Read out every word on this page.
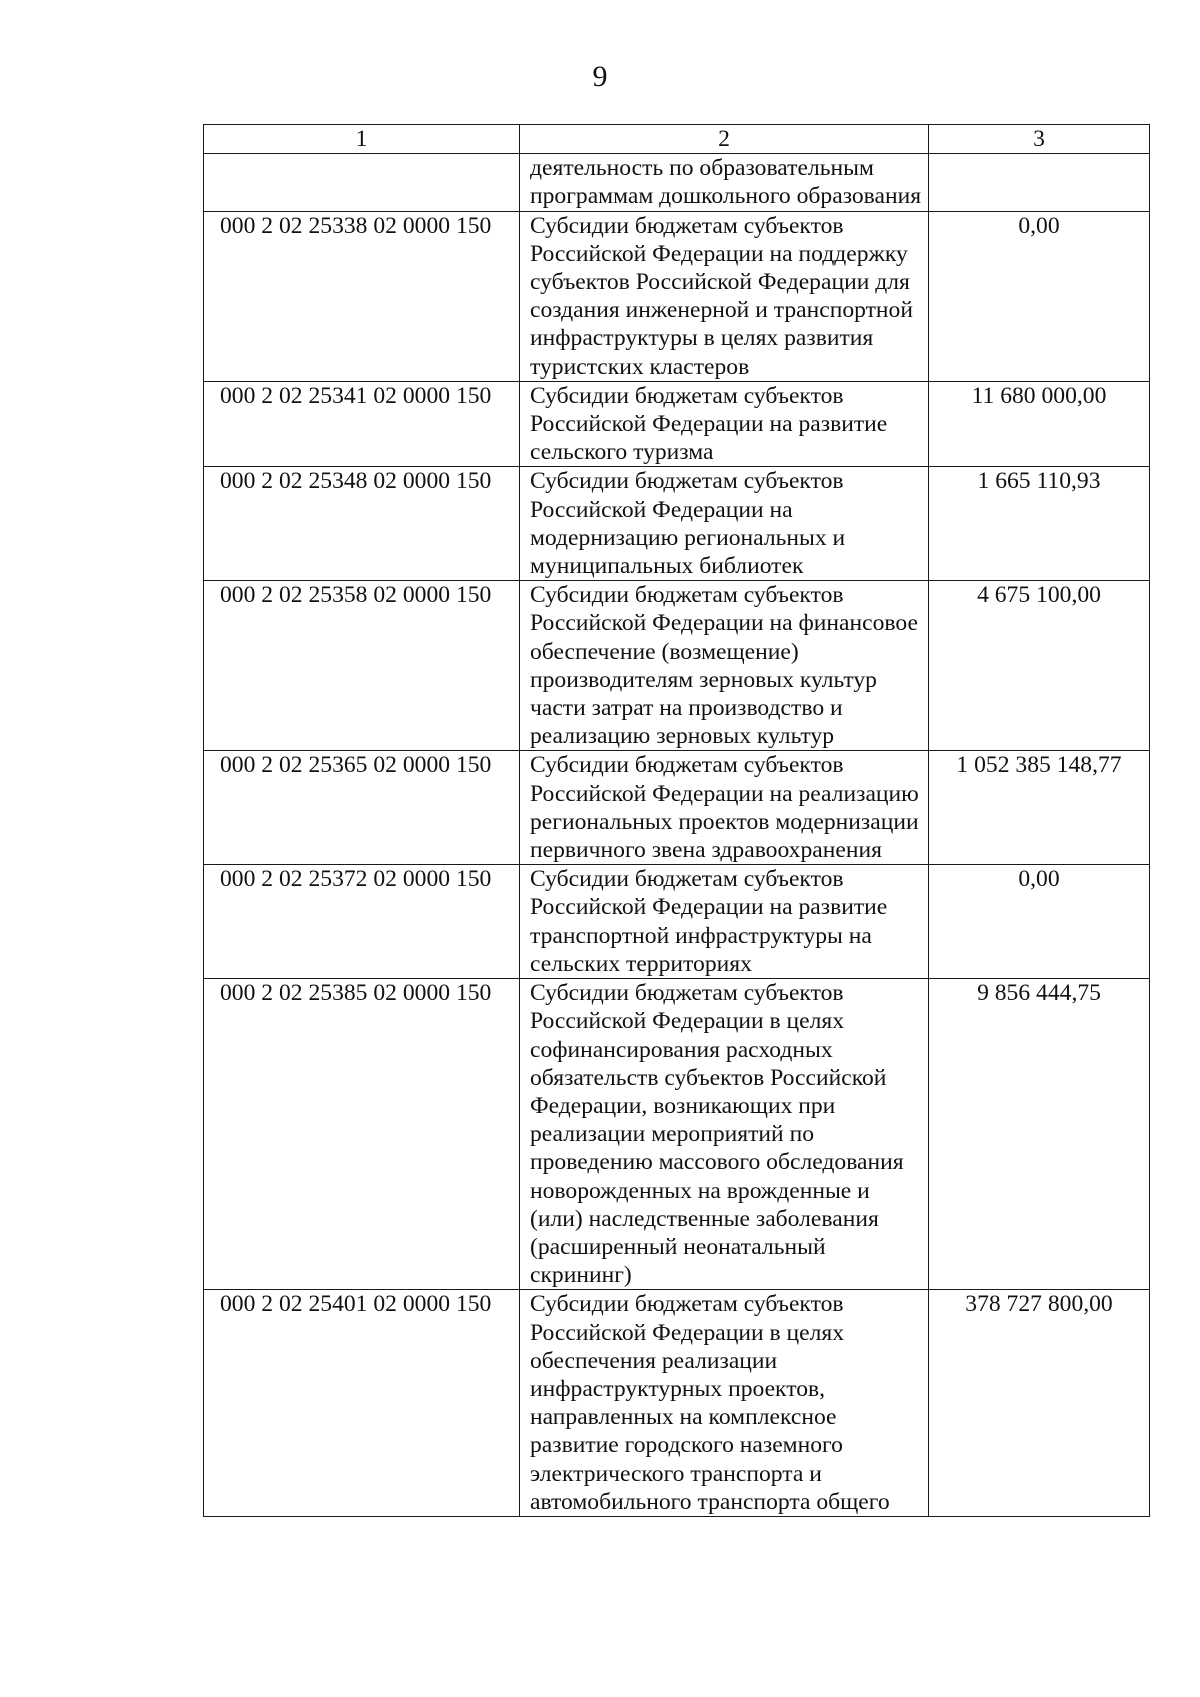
9
1	2	3
	деятельность по образовательным программам дошкольного образования	
000 2 02 25338 02 0000 150	Субсидии бюджетам субъектов Российской Федерации на поддержку субъектов Российской Федерации для создания инженерной и транспортной инфраструктуры в целях развития туристских кластеров	0,00
000 2 02 25341 02 0000 150	Субсидии бюджетам субъектов Российской Федерации на развитие сельского туризма	11 680 000,00
000 2 02 25348 02 0000 150	Субсидии бюджетам субъектов Российской Федерации на модернизацию региональных и муниципальных библиотек	1 665 110,93
000 2 02 25358 02 0000 150	Субсидии бюджетам субъектов Российской Федерации на финансовое обеспечение (возмещение) производителям зерновых культур части затрат на производство и реализацию зерновых культур	4 675 100,00
000 2 02 25365 02 0000 150	Субсидии бюджетам субъектов Российской Федерации на реализацию региональных проектов модернизации первичного звена здравоохранения	1 052 385 148,77
000 2 02 25372 02 0000 150	Субсидии бюджетам субъектов Российской Федерации на развитие транспортной инфраструктуры на сельских территориях	0,00
000 2 02 25385 02 0000 150	Субсидии бюджетам субъектов Российской Федерации в целях софинансирования расходных обязательств субъектов Российской Федерации, возникающих при реализации мероприятий по проведению массового обследования новорожденных на врожденные и (или) наследственные заболевания (расширенный неонатальный скрининг)	9 856 444,75
000 2 02 25401 02 0000 150	Субсидии бюджетам субъектов Российской Федерации в целях обеспечения реализации инфраструктурных проектов, направленных на комплексное развитие городского наземного электрического транспорта и автомобильного транспорта общего	378 727 800,00
